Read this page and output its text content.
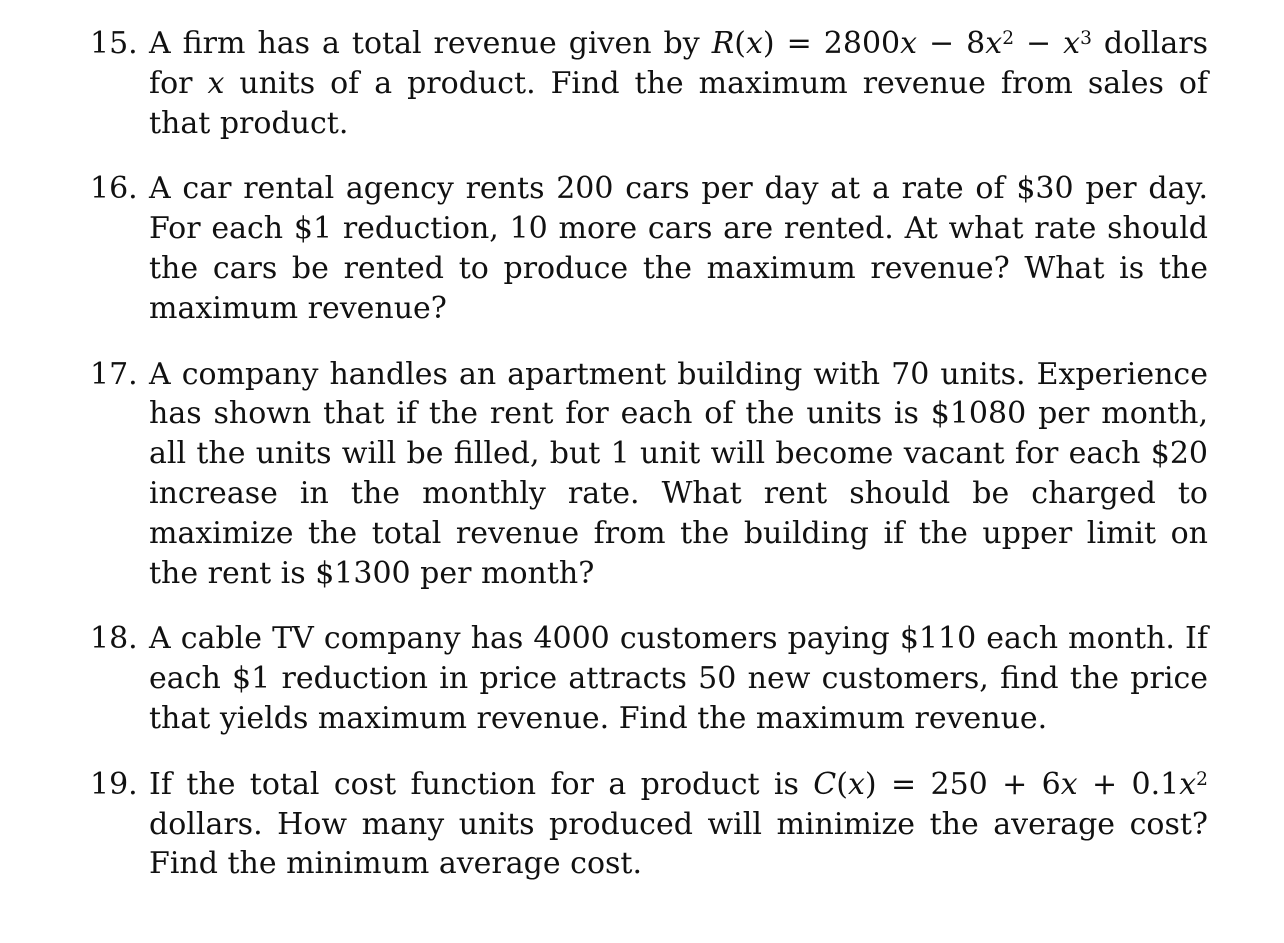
15. A firm has a total revenue given by $R(x) = 2800x - 8x^2 - x^3$ dollars for x units of a product. Find the maximum revenue from sales of that product.
16. A car rental agency rents 200 cars per day at a rate of $30 per day. For each $1 reduction, 10 more cars are rented. At what rate should the cars be rented to produce the maximum revenue? What is the maximum revenue?
17. A company handles an apartment building with 70 units. Experience has shown that if the rent for each of the units is $1080 per month, all the units will be filled, but 1 unit will become vacant for each $20 increase in the monthly rate. What rent should be charged to maximize the total revenue from the building if the upper limit on the rent is $1300 per month?
18. A cable TV company has 4000 customers paying $110 each month. If each $1 reduction in price attracts 50 new customers, find the price that yields maximum revenue. Find the maximum revenue.
19. If the total cost function for a product is $C(x) = 250 + 6x + 0.1x^2$ dollars. How many units produced will minimize the average cost? Find the minimum average cost.
